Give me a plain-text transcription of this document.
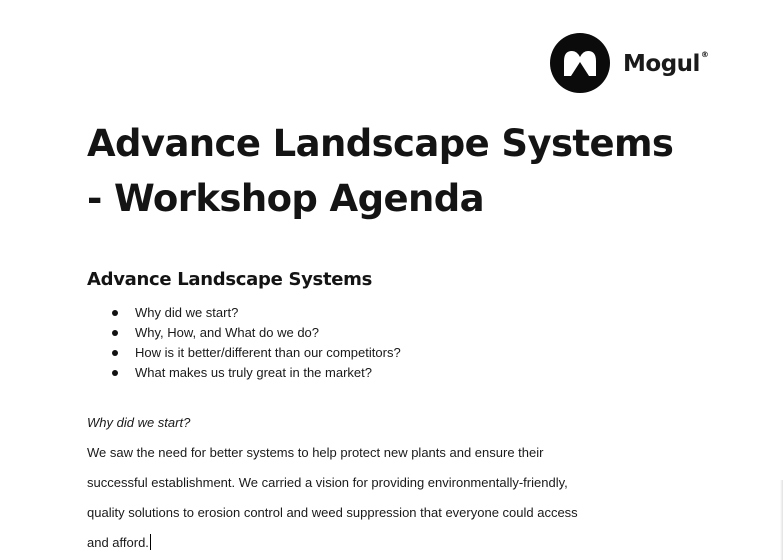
Mogul®
Advance Landscape Systems
- Workshop Agenda
Advance Landscape Systems
Why did we start?
Why, How, and What do we do?
How is it better/different than our competitors?
What makes us truly great in the market?

Why did we start?

We saw the need for better systems to help protect new plants and ensure their

successful establishment. We carried a vision for providing environmentally-friendly,

quality solutions to erosion control and weed suppression that everyone could access

and afford.
